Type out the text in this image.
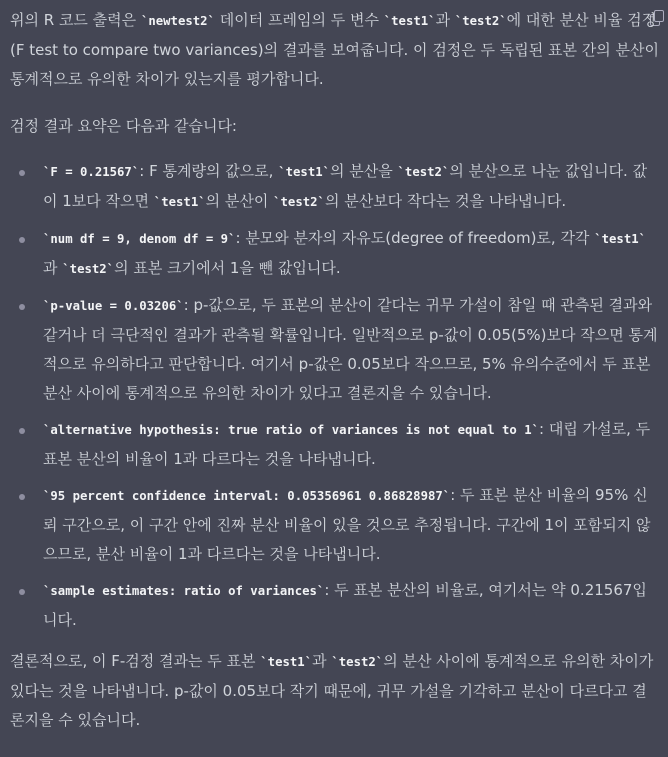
위의 R 코드 출력은 `newtest2` 데이터 프레임의 두 변수 `test1`과 `test2`에 대한 분산 비율 검정(F test to compare two variances)의 결과를 보여줍니다. 이 검정은 두 독립된 표본 간의 분산이 통계적으로 유의한 차이가 있는지를 평가합니다.

검정 결과 요약은 다음과 같습니다:

`F = 0.21567`: F 통계량의 값으로, `test1`의 분산을 `test2`의 분산으로 나눈 값입니다. 값이 1보다 작으면 `test1`의 분산이 `test2`의 분산보다 작다는 것을 나타냅니다.
`num df = 9, denom df = 9`: 분모와 분자의 자유도(degree of freedom)로, 각각 `test1`과 `test2`의 표본 크기에서 1을 뺀 값입니다.
`p-value = 0.03206`: p-값으로, 두 표본의 분산이 같다는 귀무 가설이 참일 때 관측된 결과와 같거나 더 극단적인 결과가 관측될 확률입니다. 일반적으로 p-값이 0.05(5%)보다 작으면 통계적으로 유의하다고 판단합니다. 여기서 p-값은 0.05보다 작으므로, 5% 유의수준에서 두 표본 분산 사이에 통계적으로 유의한 차이가 있다고 결론지을 수 있습니다.
`alternative hypothesis: true ratio of variances is not equal to 1`: 대립 가설로, 두 표본 분산의 비율이 1과 다르다는 것을 나타냅니다.
`95 percent confidence interval: 0.05356961 0.86828987`: 두 표본 분산 비율의 95% 신뢰 구간으로, 이 구간 안에 진짜 분산 비율이 있을 것으로 추정됩니다. 구간에 1이 포함되지 않으므로, 분산 비율이 1과 다르다는 것을 나타냅니다.
`sample estimates: ratio of variances`: 두 표본 분산의 비율로, 여기서는 약 0.21567입니다.

결론적으로, 이 F-검정 결과는 두 표본 `test1`과 `test2`의 분산 사이에 통계적으로 유의한 차이가 있다는 것을 나타냅니다. p-값이 0.05보다 작기 때문에, 귀무 가설을 기각하고 분산이 다르다고 결론지을 수 있습니다.
